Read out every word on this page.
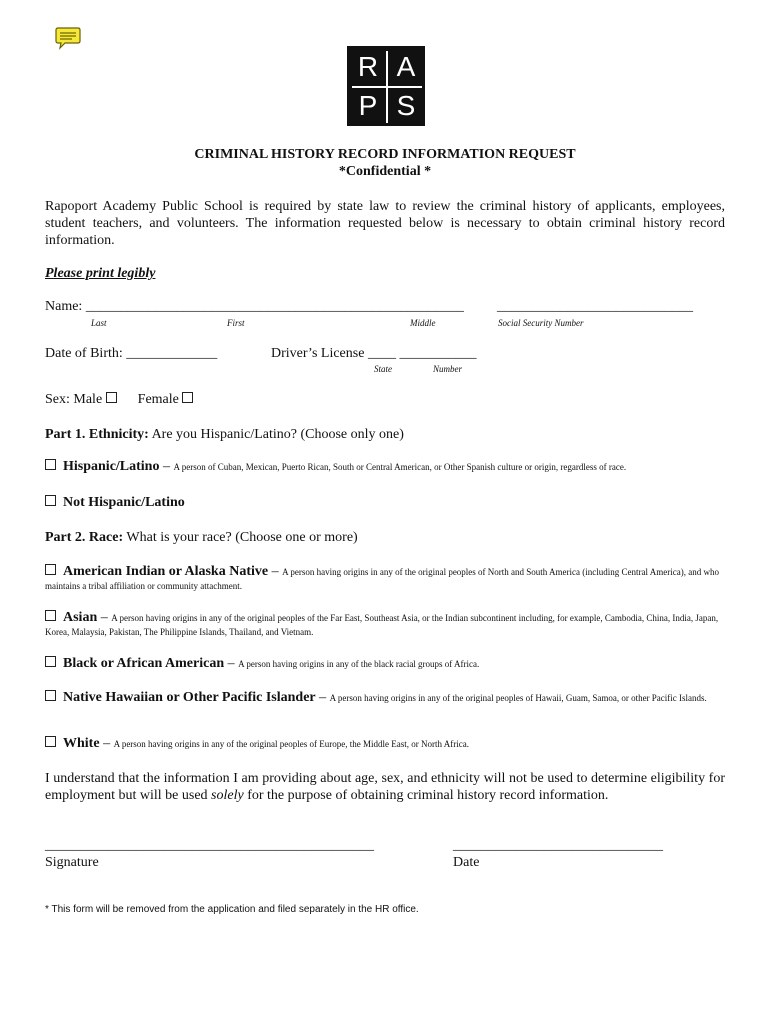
R A
P S
CRIMINAL HISTORY RECORD INFORMATION REQUEST
*Confidential *
Rapoport Academy Public School is required by state law to review the criminal history of applicants, employees, student teachers, and volunteers. The information requested below is necessary to obtain criminal history record information.
Please print legibly
Name: ______________________________________________________ ____________________________
Last	First	Middle	Social Security Number
Date of Birth: _____________	Driver’s License ____ ___________
State	Number
Sex: Male	Female
Part 1. Ethnicity: Are you Hispanic/Latino? (Choose only one)
Hispanic/Latino – A person of Cuban, Mexican, Puerto Rican, South or Central American, or Other Spanish culture or origin, regardless of race.
Not Hispanic/Latino
Part 2. Race: What is your race? (Choose one or more)
American Indian or Alaska Native – A person having origins in any of the original peoples of North and South America (including Central America), and who maintains a tribal affiliation or community attachment.
Asian – A person having origins in any of the original peoples of the Far East, Southeast Asia, or the Indian subcontinent including, for example, Cambodia, China, India, Japan, Korea, Malaysia, Pakistan, The Philippine Islands, Thailand, and Vietnam.
Black or African American – A person having origins in any of the black racial groups of Africa.
Native Hawaiian or Other Pacific Islander – A person having origins in any of the original peoples of Hawaii, Guam, Samoa, or other Pacific Islands.
White – A person having origins in any of the original peoples of Europe, the Middle East, or North Africa.
I understand that the information I am providing about age, sex, and ethnicity will not be used to determine eligibility for employment but will be used solely for the purpose of obtaining criminal history record information.
_______________________________________________	______________________________
Signature	Date
* This form will be removed from the application and filed separately in the HR office.
